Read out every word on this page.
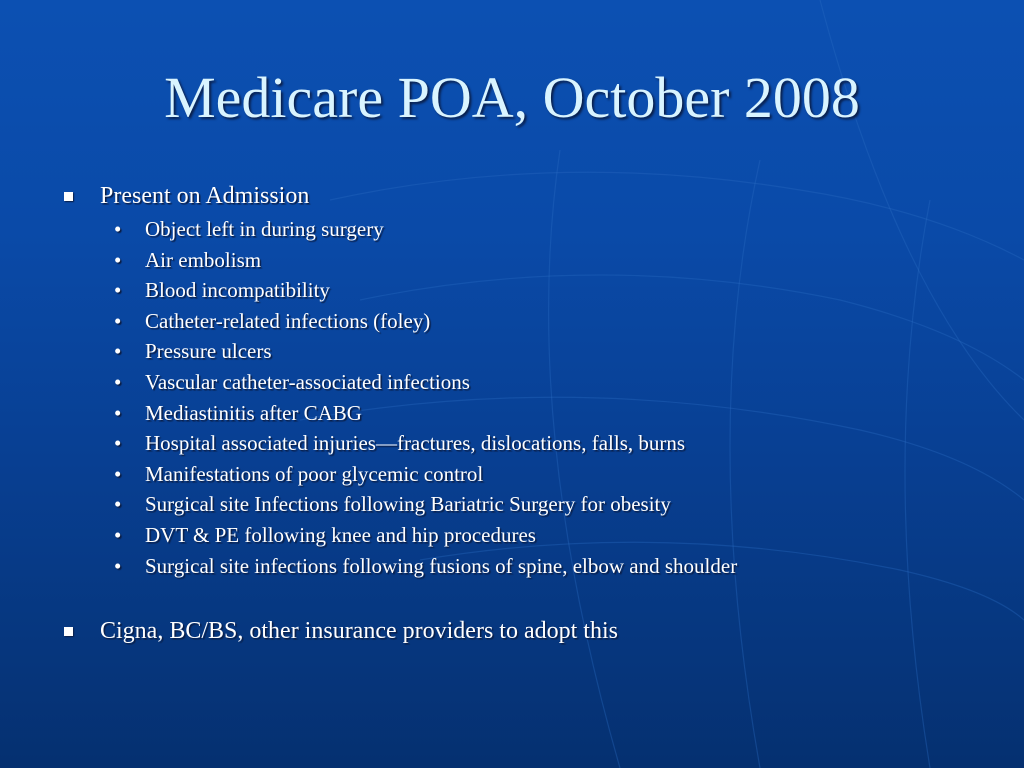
Medicare POA, October 2008
Present on Admission
• Object left in during surgery
• Air embolism
• Blood incompatibility
• Catheter-related infections (foley)
• Pressure ulcers
• Vascular catheter-associated infections
• Mediastinitis after CABG
• Hospital associated injuries—fractures, dislocations, falls, burns
• Manifestations of poor glycemic control
• Surgical site Infections following Bariatric Surgery for obesity
• DVT & PE following knee and hip procedures
• Surgical site infections following fusions of spine, elbow and shoulder
Cigna, BC/BS, other insurance providers to adopt this
